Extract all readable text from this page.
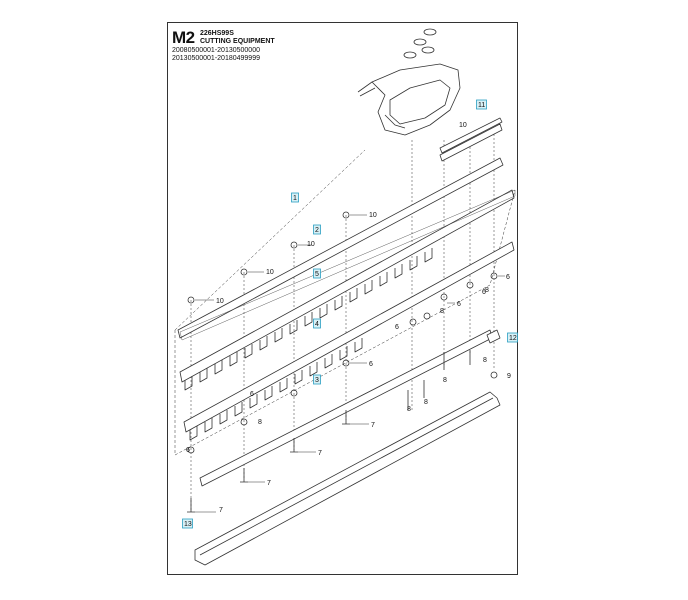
M2 226HS99S
CUTTING EQUIPMENT
20080500001-20130500000
20130500001-20180499999
1
2
5
4
3
13
11
10
12
7
8
8
8
10
10
10
10
6
6
6
6
6
6
6
7
7
7
8
8
8
8
9
